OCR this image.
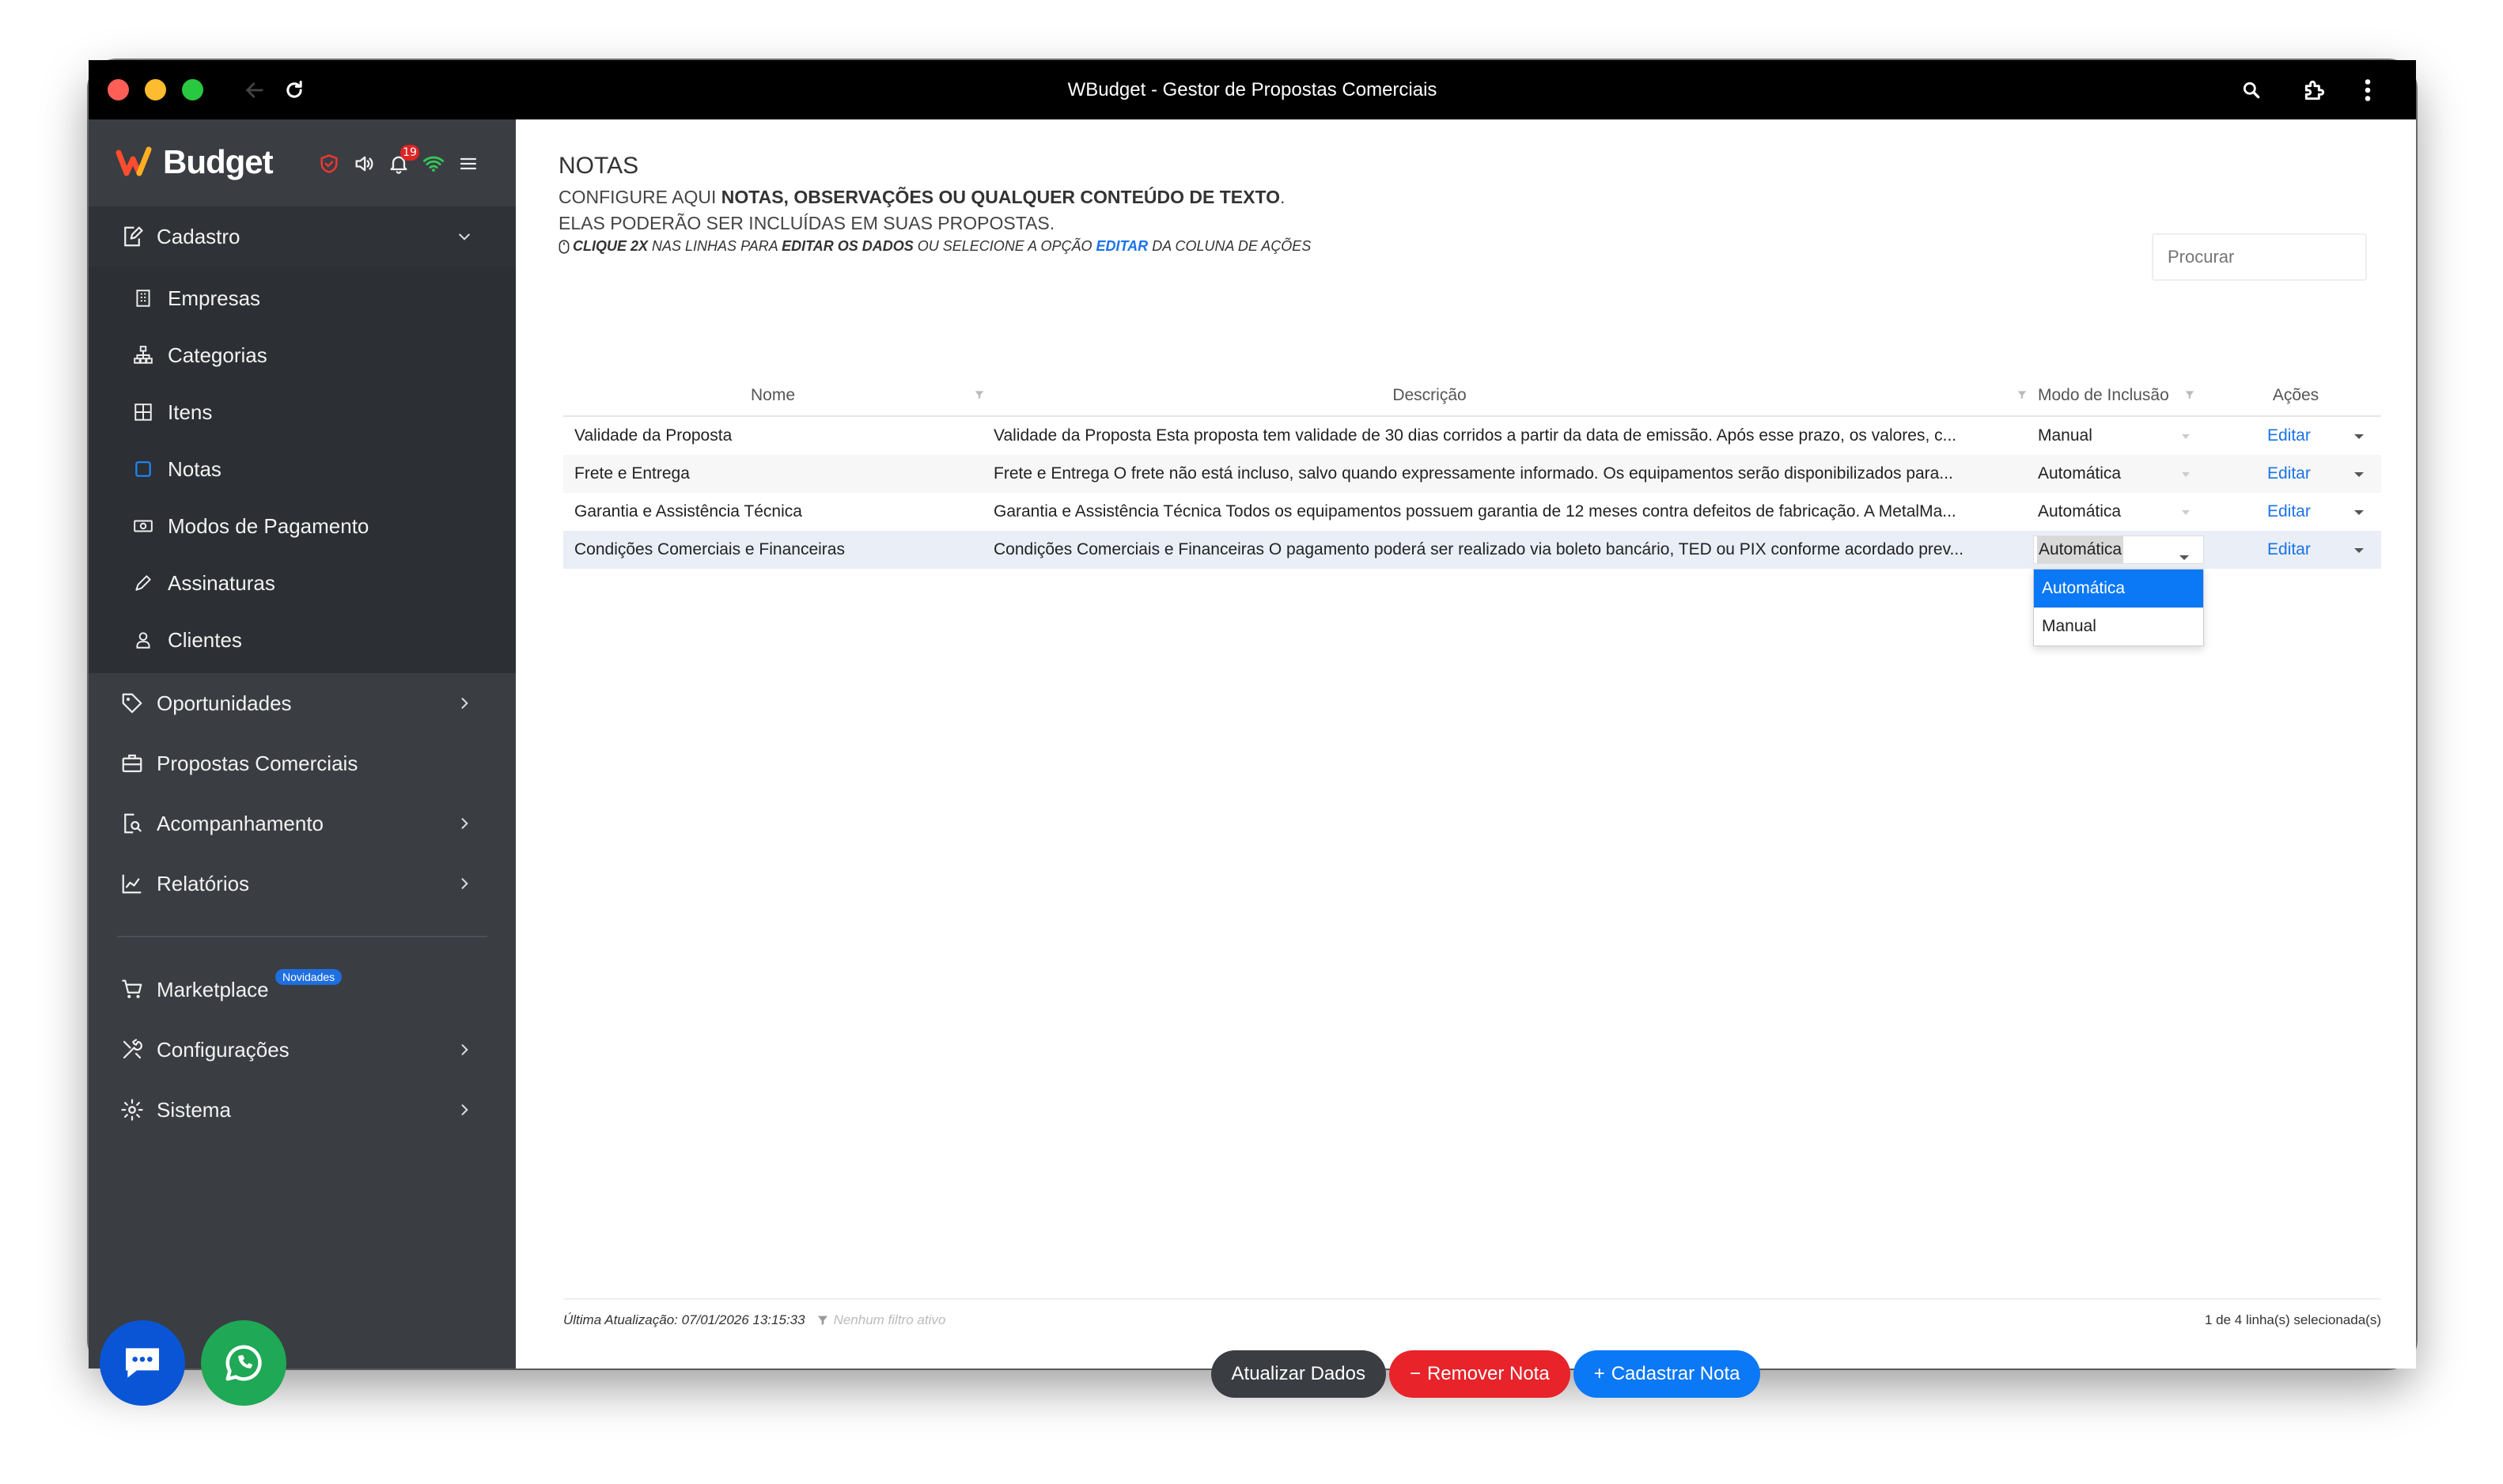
WBudget - Gestor de Propostas Comerciais
Budget	19
Cadastro
Empresas
Categorias
Itens
Notas
Modos de Pagamento
Assinaturas
Clientes
Oportunidades
Propostas Comerciais
Acompanhamento
Relatórios
Marketplace
Novidades
Configurações
Sistema
NOTAS
CONFIGURE AQUI NOTAS, OBSERVAÇÕES OU QUALQUER CONTEÚDO DE TEXTO.
ELAS PODERÃO SER INCLUÍDAS EM SUAS PROPOSTAS.
CLIQUE 2X NAS LINHAS PARA EDITAR OS DADOS OU SELECIONE A OPÇÃO EDITAR DA COLUNA DE AÇÕES
Procurar
Nome	Descrição	Modo de Inclusão	Ações
Validade da Proposta	Validade da Proposta Esta proposta tem validade de 30 dias corridos a partir da data de emissão. Após esse prazo, os valores, c...	Manual	Editar
Frete e Entrega	Frete e Entrega O frete não está incluso, salvo quando expressamente informado. Os equipamentos serão disponibilizados para...	Automática	Editar
Garantia e Assistência Técnica	Garantia e Assistência Técnica Todos os equipamentos possuem garantia de 12 meses contra defeitos de fabricação. A MetalMa...	Automática	Editar
Condições Comerciais e Financeiras	Condições Comerciais e Financeiras O pagamento poderá ser realizado via boleto bancário, TED ou PIX conforme acordado prev...	Automática	Editar
Automática
Manual
Última Atualização: 07/01/2026 13:15:33 Nenhum filtro ativo	1 de 4 linha(s) selecionada(s)
Atualizar Dados − Remover Nota + Cadastrar Nota
